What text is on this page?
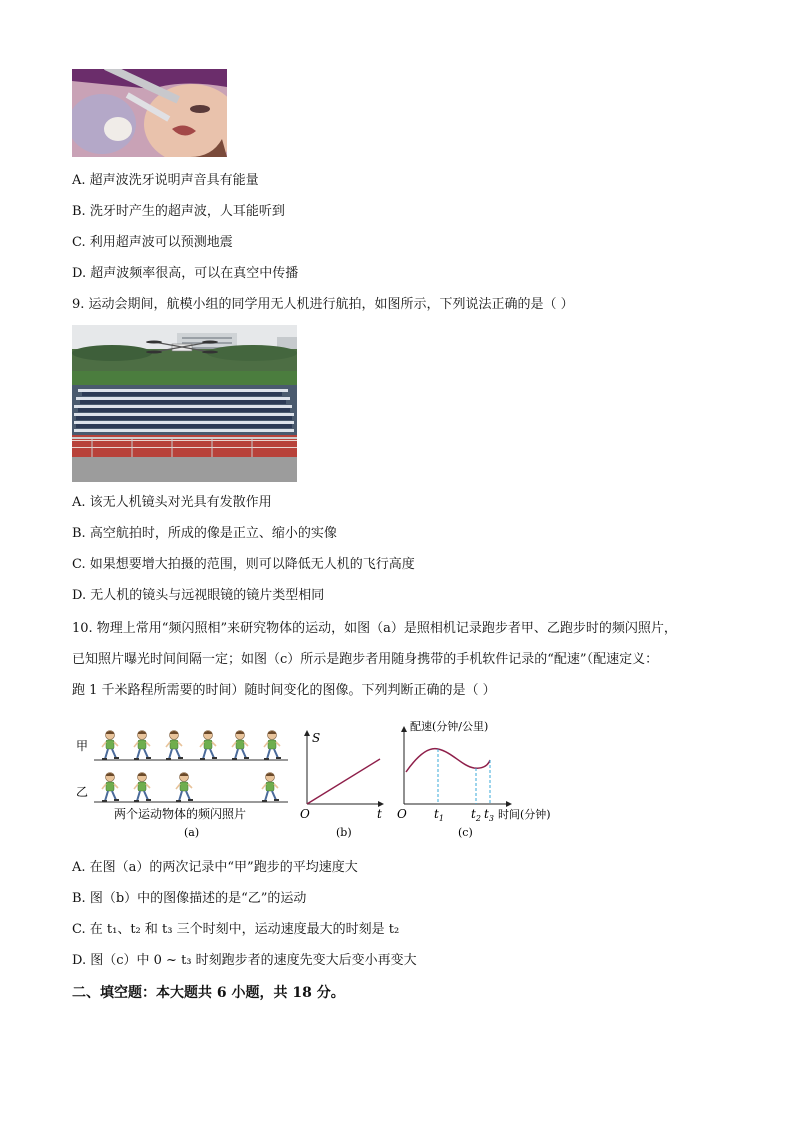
A. 超声波洗牙说明声音具有能量
B. 洗牙时产生的超声波，人耳能听到
C. 利用超声波可以预测地震
D. 超声波频率很高，可以在真空中传播
9. 运动会期间，航模小组的同学用无人机进行航拍，如图所示，下列说法正确的是（ ）
A. 该无人机镜头对光具有发散作用
B. 高空航拍时，所成的像是正立、缩小的实像
C. 如果想要增大拍摄的范围，则可以降低无人机的飞行高度
D. 无人机的镜头与远视眼镜的镜片类型相同
10. 物理上常用“频闪照相”来研究物体的运动，如图（a）是照相机记录跑步者甲、乙跑步时的频闪照片，
已知照片曝光时间间隔一定；如图（c）所示是跑步者用随身携带的手机软件记录的“配速”（配速定义：
跑 1 千米路程所需要的时间）随时间变化的图像。下列判断正确的是（ ）
甲
乙
两个运动物体的频闪照片
(a)
S
t
O
(b)
配速(分钟/公里)
O $t_1$ $t_2$ $t_3$ 时间(分钟)
(c)
A. 在图（a）的两次记录中“甲”跑步的平均速度大
B. 图（b）中的图像描述的是“乙”的运动
C. 在 t₁、t₂ 和 t₃ 三个时刻中，运动速度最大的时刻是 t₂
D. 图（c）中 0 ~ t₃ 时刻跑步者的速度先变大后变小再变大
二、填空题：本大题共 6 小题，共 18 分。
